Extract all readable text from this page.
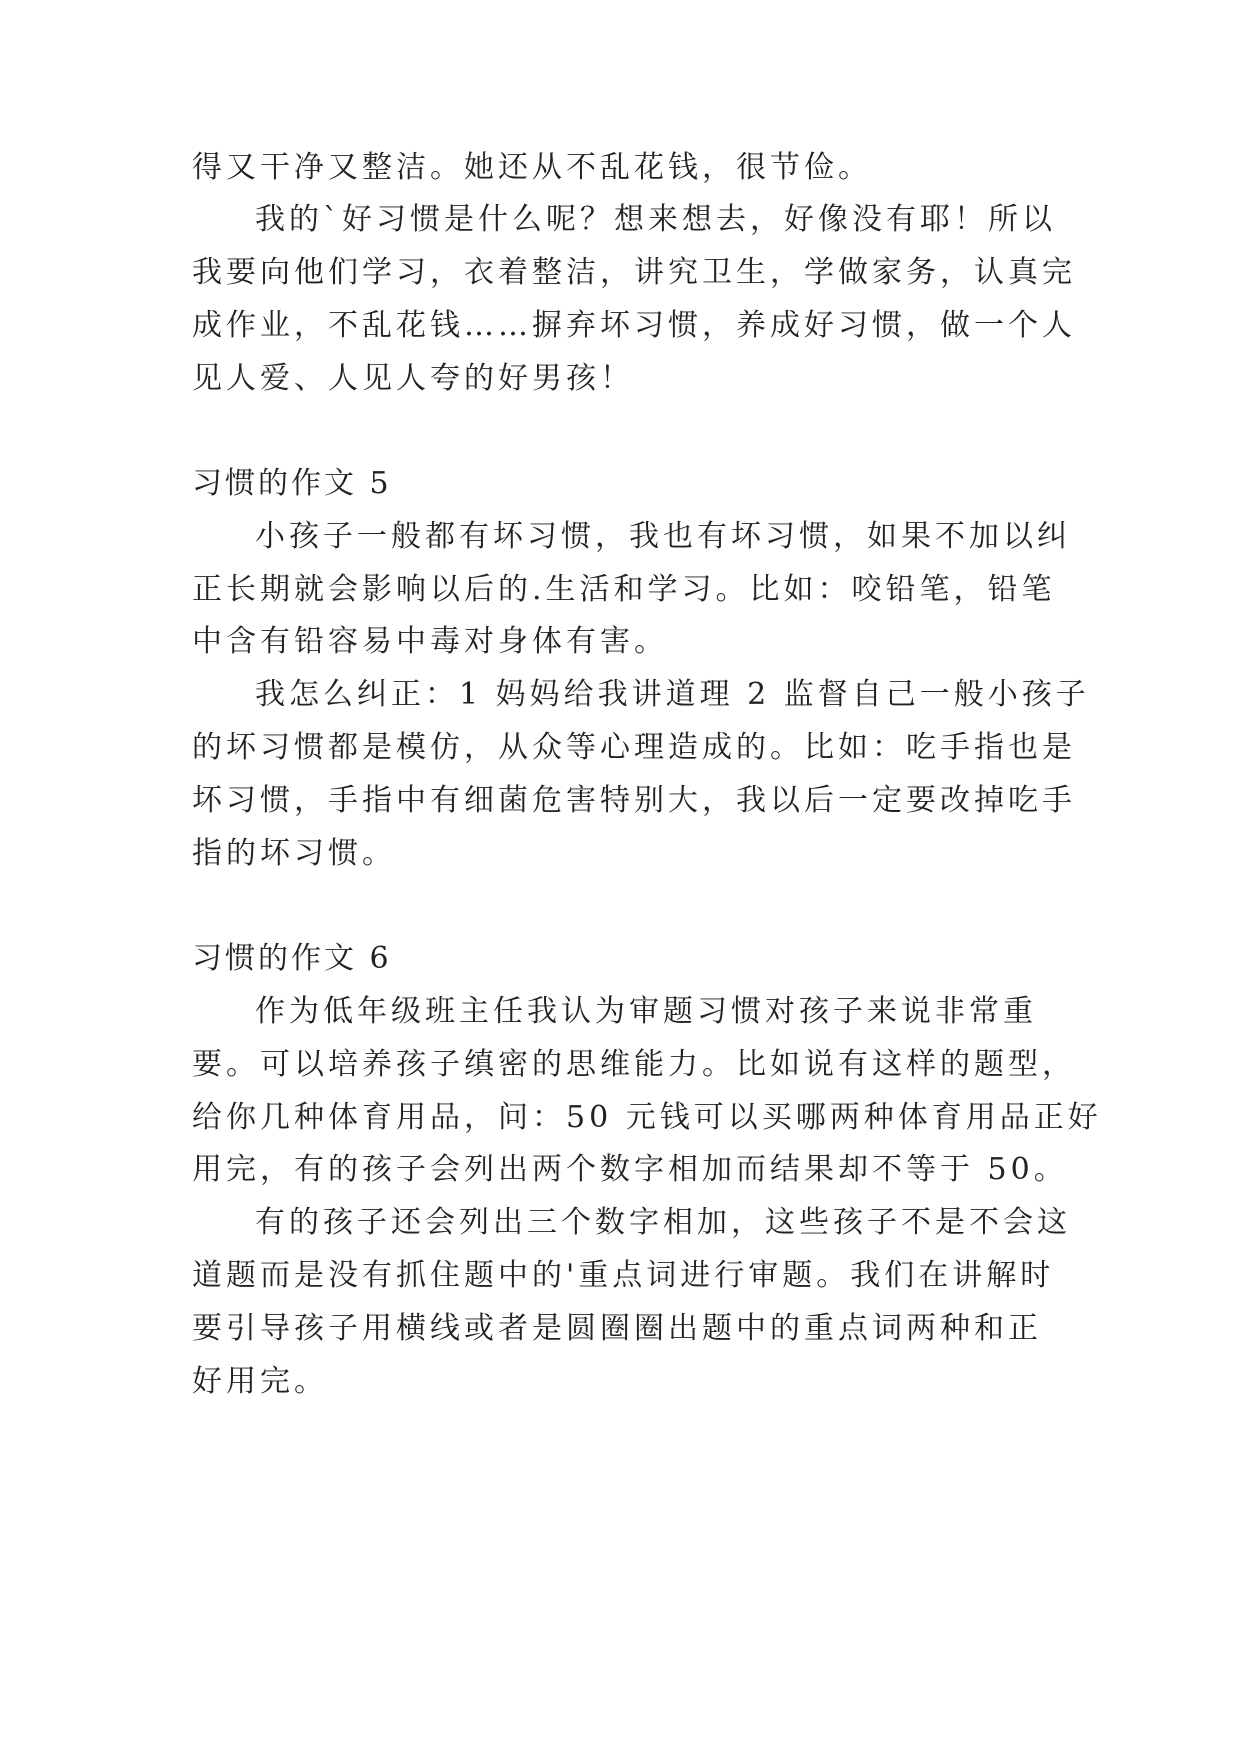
得又干净又整洁。她还从不乱花钱，很节俭。
我的`好习惯是什么呢？想来想去，好像没有耶！所以
我要向他们学习，衣着整洁，讲究卫生，学做家务，认真完
成作业，不乱花钱……摒弃坏习惯，养成好习惯，做一个人
见人爱、人见人夸的好男孩！
习惯的作文 5
小孩子一般都有坏习惯，我也有坏习惯，如果不加以纠
正长期就会影响以后的.生活和学习。比如：咬铅笔，铅笔
中含有铅容易中毒对身体有害。
我怎么纠正：1 妈妈给我讲道理 2 监督自己一般小孩子
的坏习惯都是模仿，从众等心理造成的。比如：吃手指也是
坏习惯，手指中有细菌危害特别大，我以后一定要改掉吃手
指的坏习惯。
习惯的作文 6
作为低年级班主任我认为审题习惯对孩子来说非常重
要。可以培养孩子缜密的思维能力。比如说有这样的题型，
给你几种体育用品，问：50 元钱可以买哪两种体育用品正好
用完，有的孩子会列出两个数字相加而结果却不等于 50。
有的孩子还会列出三个数字相加，这些孩子不是不会这
道题而是没有抓住题中的'重点词进行审题。我们在讲解时
要引导孩子用横线或者是圆圈圈出题中的重点词两种和正
好用完。
